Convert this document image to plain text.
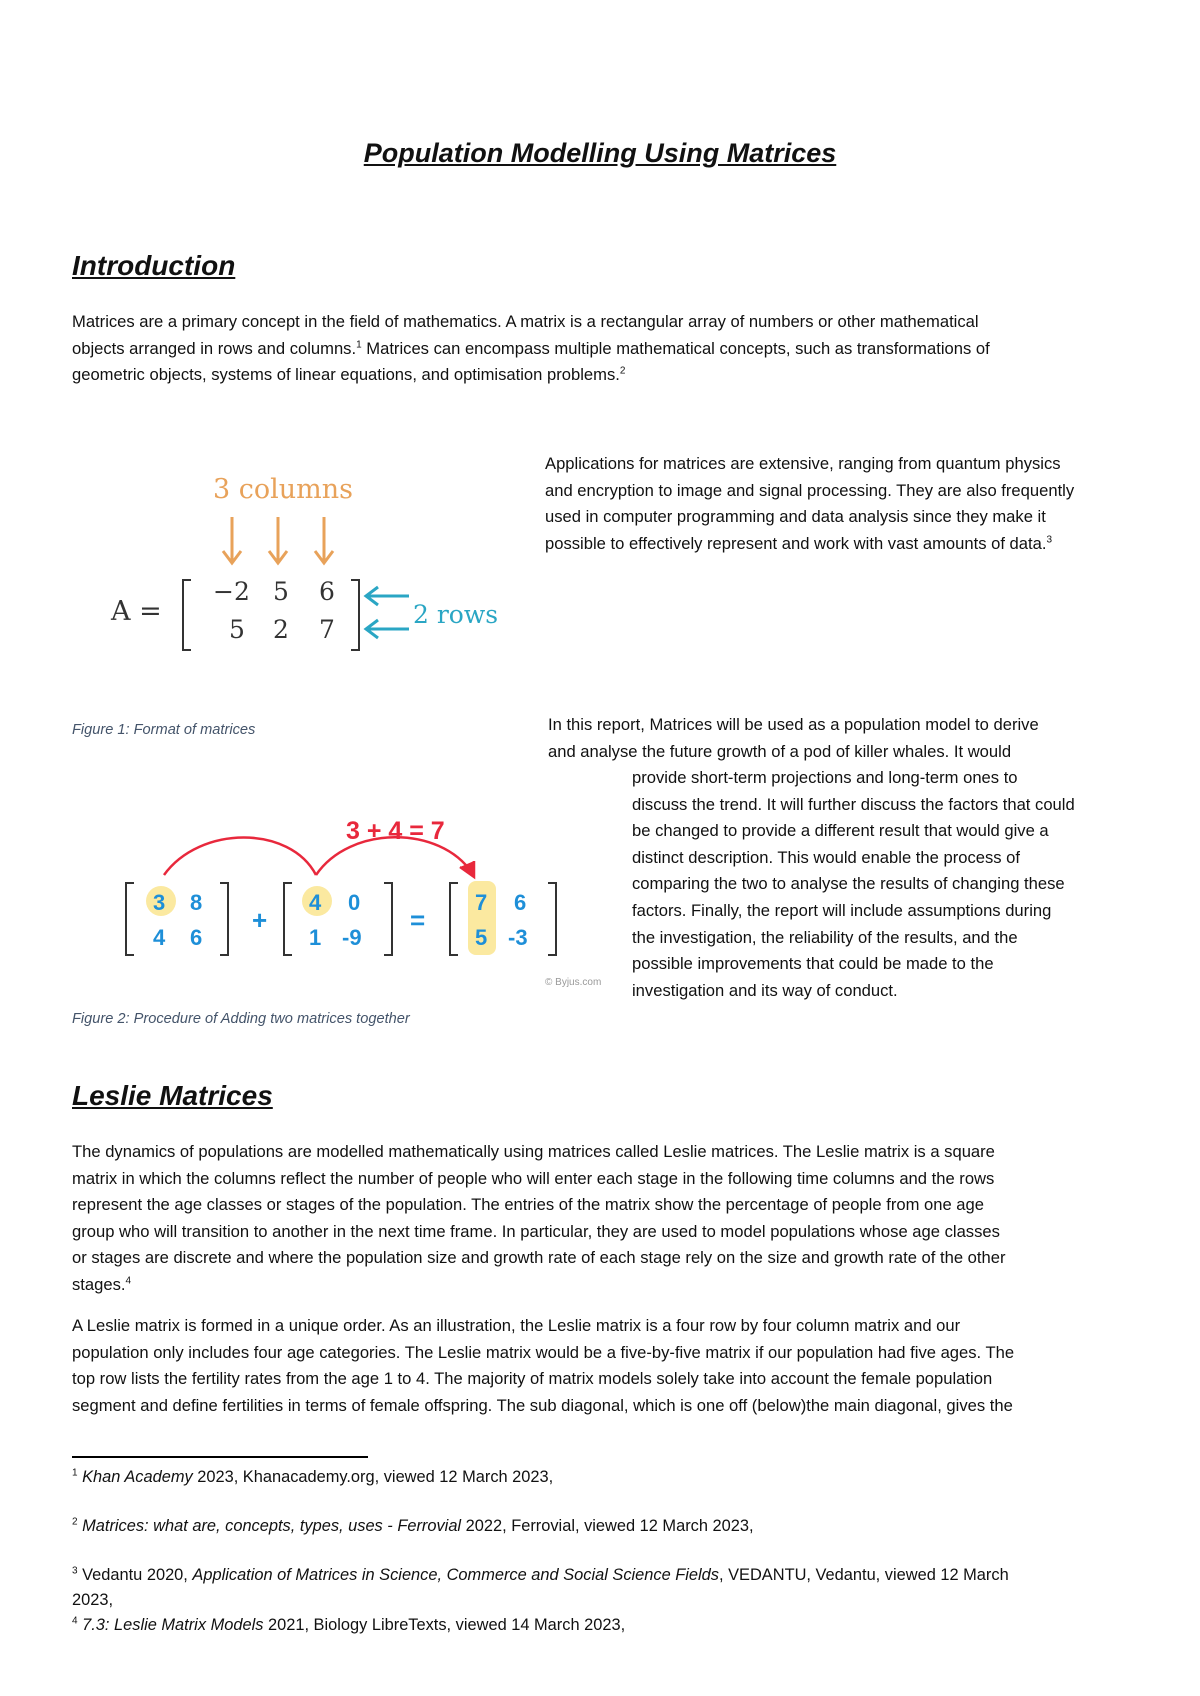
Population Modelling Using Matrices
Introduction
Matrices are a primary concept in the field of mathematics. A matrix is a rectangular array of numbers or other mathematical
objects arranged in rows and columns.$^1$ Matrices can encompass multiple mathematical concepts, such as transformations of
geometric objects, systems of linear equations, and optimisation problems.$^2$
Applications for matrices are extensive, ranging from quantum physics
and encryption to image and signal processing. They are also frequently
used in computer programming and data analysis since they make it
possible to effectively represent and work with vast amounts of data.$^3$
3 columns
A =
−2 5 6
5 2 7
2 rows
Figure 1: Format of matrices	In this report, Matrices will be used as a population model to derive
and analyse the future growth of a pod of killer whales. It would
provide short-term projections and long-term ones to
discuss the trend. It will further discuss the factors that could
be changed to provide a different result that would give a
distinct description. This would enable the process of
comparing the two to analyse the results of changing these
factors. Finally, the report will include assumptions during
the investigation, the reliability of the results, and the
possible improvements that could be made to the
investigation and its way of conduct.
3 + 4 = 7
3 8
4 6
+
4 0
1 -9
=
7 6
5 -3
© Byjus.com
Figure 2: Procedure of Adding two matrices together
Leslie Matrices
The dynamics of populations are modelled mathematically using matrices called Leslie matrices. The Leslie matrix is a square
matrix in which the columns reflect the number of people who will enter each stage in the following time columns and the rows
represent the age classes or stages of the population. The entries of the matrix show the percentage of people from one age
group who will transition to another in the next time frame. In particular, they are used to model populations whose age classes
or stages are discrete and where the population size and growth rate of each stage rely on the size and growth rate of the other
stages.$^4$
A Leslie matrix is formed in a unique order. As an illustration, the Leslie matrix is a four row by four column matrix and our
population only includes four age categories. The Leslie matrix would be a five-by-five matrix if our population had five ages. The
top row lists the fertility rates from the age 1 to 4. The majority of matrix models solely take into account the female population
segment and define fertilities in terms of female offspring. The sub diagonal, which is one off (below)the main diagonal, gives the
$^1$ Khan Academy 2023, Khanacademy.org, viewed 12 March 2023,
$^2$ Matrices: what are, concepts, types, uses - Ferrovial 2022, Ferrovial, viewed 12 March 2023,
$^3$ Vedantu 2020, Application of Matrices in Science, Commerce and Social Science Fields, VEDANTU, Vedantu, viewed 12 March
2023,
$^4$ 7.3: Leslie Matrix Models 2021, Biology LibreTexts, viewed 14 March 2023,
